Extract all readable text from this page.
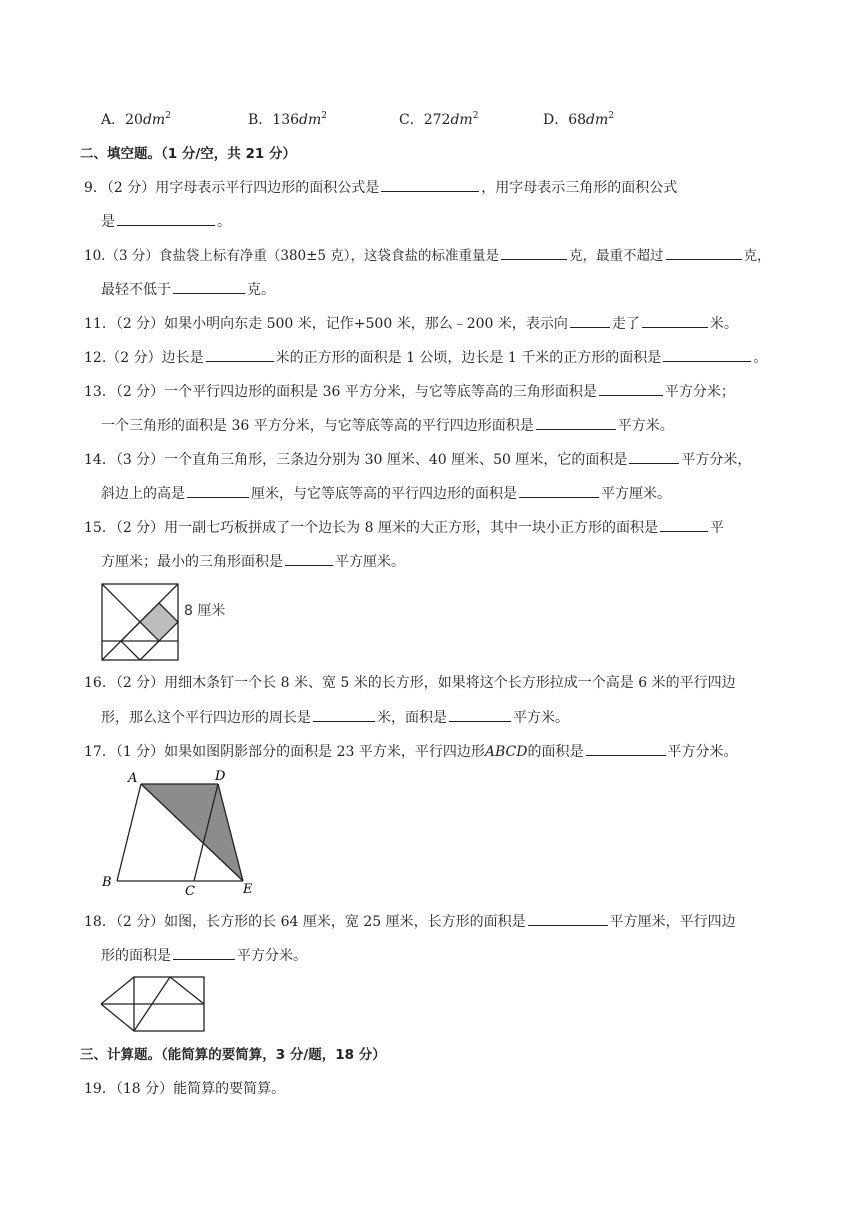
A．$20dm^2$	B．$136dm^2$	C．$272dm^2$	D．$68dm^2$
二、填空题。（1 分/空，共 21 分）
9．（2 分）用字母表示平行四边形的面积公式是	，用字母表示三角形的面积公式
是	。
10.（3 分）食盐袋上标有净重（380±5 克），这袋食盐的标准重量是	克，最重不超过	克，
最轻不低于	克。
11．（2 分）如果小明向东走 500 米，记作+500 米，那么﹣200 米，表示向	走了	米。
12.（2 分）边长是	米的正方形的面积是 1 公顷，边长是 1 千米的正方形的面积是	。
13．（2 分）一个平行四边形的面积是 36 平方分米，与它等底等高的三角形面积是	平方分米；
一个三角形的面积是 36 平方分米，与它等底等高的平行四边形面积是	平方米。
14．（3 分）一个直角三角形，三条边分别为 30 厘米、40 厘米、50 厘米，它的面积是	平方分米，
斜边上的高是	厘米，与它等底等高的平行四边形的面积是	平方厘米。
15．（2 分）用一副七巧板拼成了一个边长为 8 厘米的大正方形，其中一块小正方形的面积是	平
方厘米；最小的三角形面积是	平方厘米。
8 厘米
16．（2 分）用细木条钉一个长 8 米、宽 5 米的长方形，如果将这个长方形拉成一个高是 6 米的平行四边
形，那么这个平行四边形的周长是	米，面积是	平方米。
17．（1 分）如果如图阴影部分的面积是 23 平方米，平行四边形ABCD的面积是	平方分米。
A	D
B
C	E
18．（2 分）如图，长方形的长 64 厘米，宽 25 厘米，长方形的面积是	平方厘米，平行四边
形的面积是	平方分米。
三、计算题。（能简算的要简算，3 分/题，18 分）
19．（18 分）能简算的要简算。
